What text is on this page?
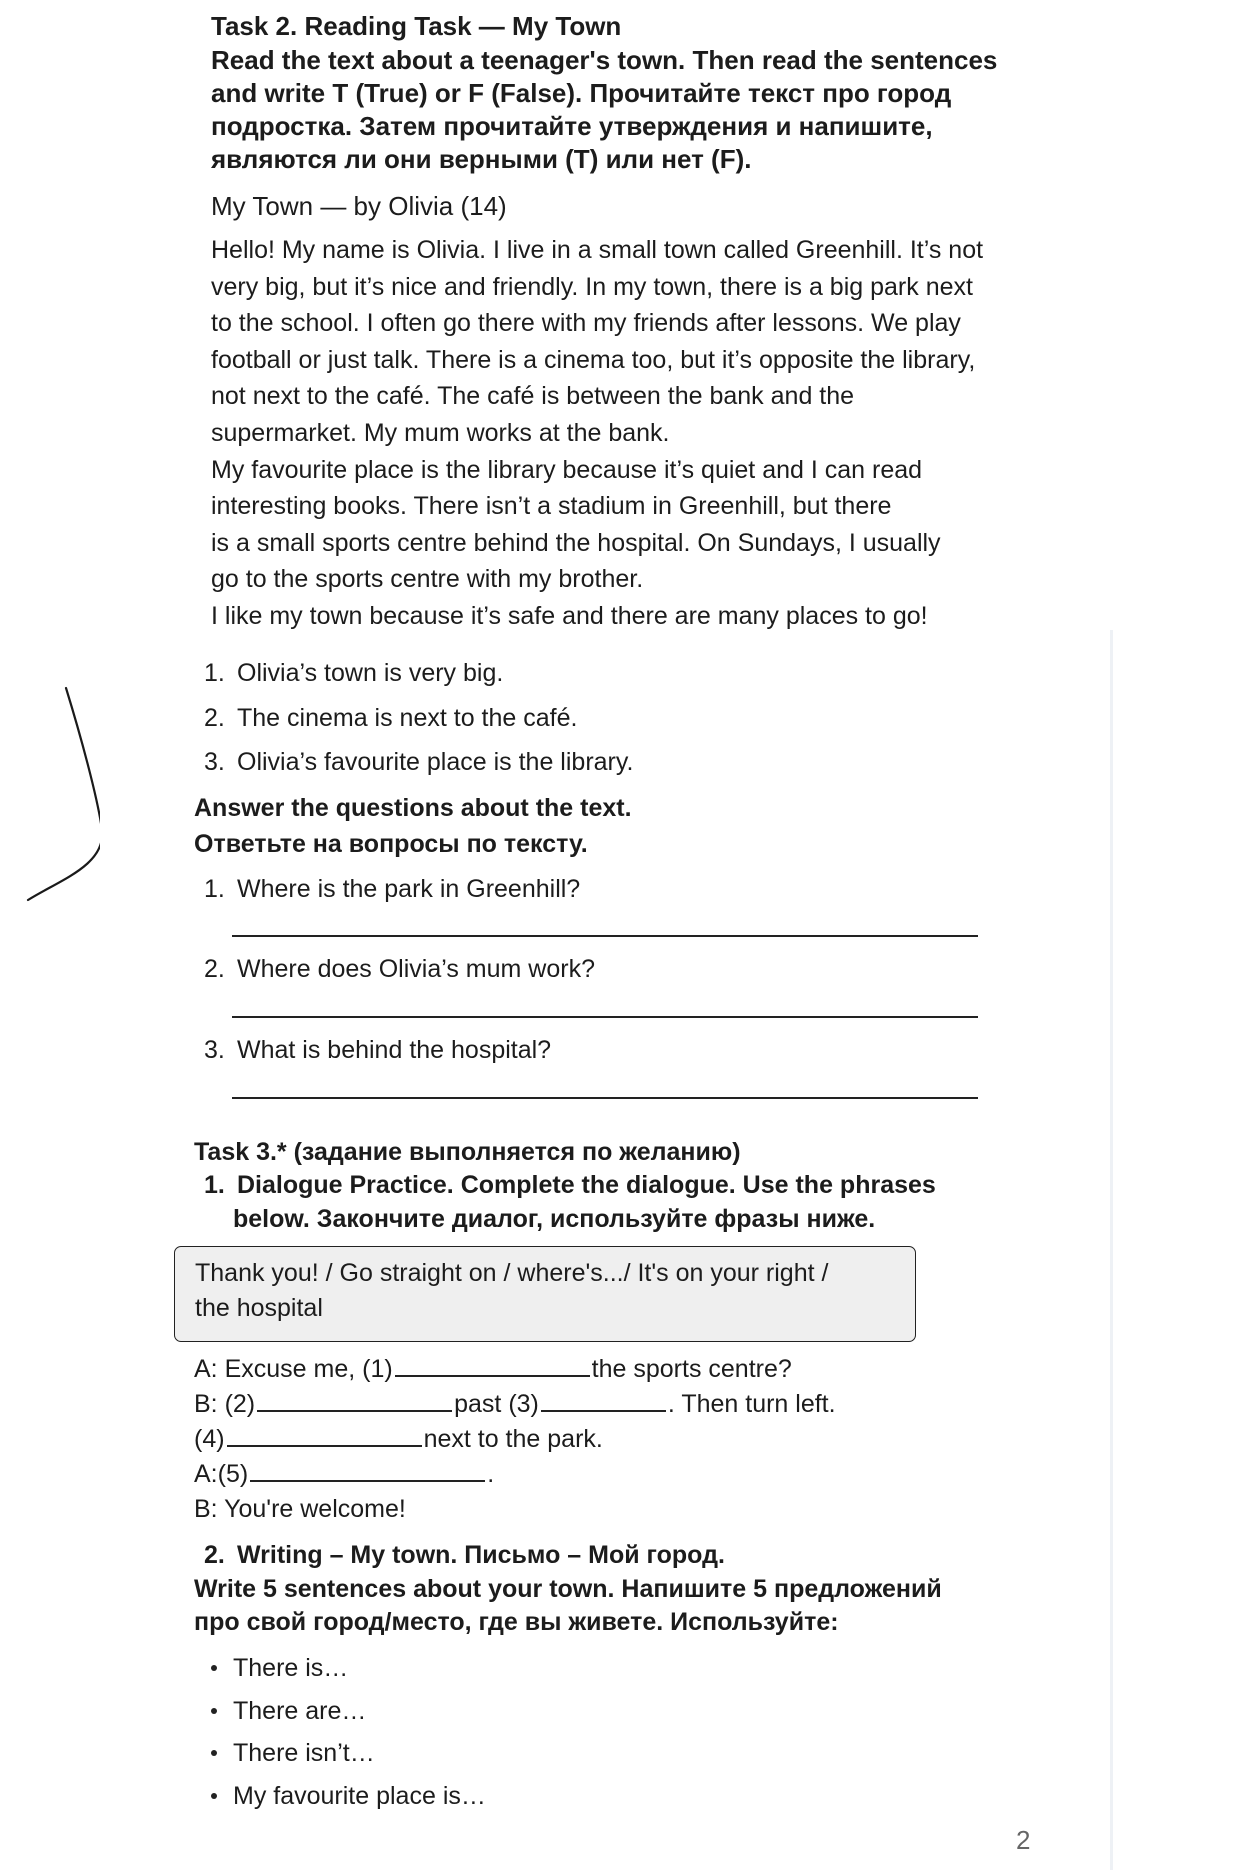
Task 2. Reading Task — My Town
Read the text about a teenager's town. Then read the sentences
and write T (True) or F (False). Прочитайте текст про город
подростка. Затем прочитайте утверждения и напишите,
являются ли они верными (T) или нет (F).
My Town — by Olivia (14)
Hello! My name is Olivia. I live in a small town called Greenhill. It’s not
very big, but it’s nice and friendly. In my town, there is a big park next
to the school. I often go there with my friends after lessons. We play
football or just talk. There is a cinema too, but it’s opposite the library,
not next to the café. The café is between the bank and the
supermarket. My mum works at the bank.
My favourite place is the library because it’s quiet and I can read
interesting books. There isn’t a stadium in Greenhill, but there
is a small sports centre behind the hospital. On Sundays, I usually
go to the sports centre with my brother.
I like my town because it’s safe and there are many places to go!
1. Olivia’s town is very big.
2. The cinema is next to the café.
3. Olivia’s favourite place is the library.
Answer the questions about the text.
Ответьте на вопросы по тексту.
1. Where is the park in Greenhill?
2. Where does Olivia’s mum work?
3. What is behind the hospital?
Task 3.* (задание выполняется по желанию)
1. Dialogue Practice. Complete the dialogue. Use the phrases
below. Закончите диалог, используйте фразы ниже.
Thank you! / Go straight on / where's.../ It's on your right /
the hospital
A: Excuse me, (1)	the sports centre?
B: (2)	past (3)	. Then turn left.
(4)	next to the park.
A:(5)	.
B: You're welcome!
2. Writing – My town. Письмо – Мой город.
Write 5 sentences about your town. Напишите 5 предложений
про свой город/место, где вы живете. Используйте:
There is…
There are…
There isn’t…
My favourite place is…
2
